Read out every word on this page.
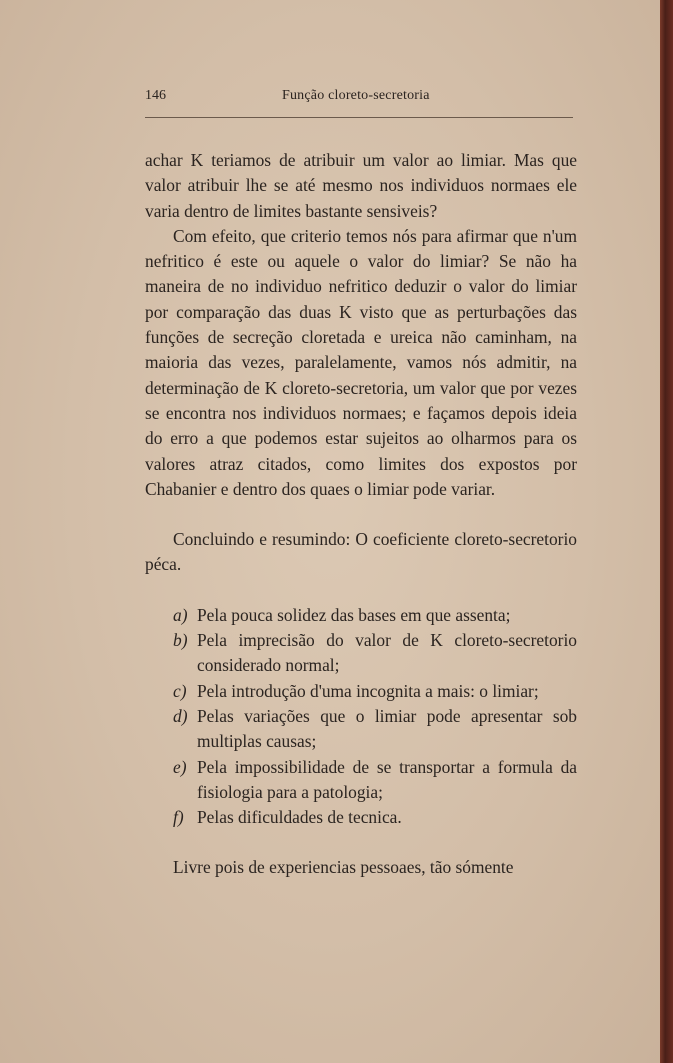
146	Função cloreto-secretoria

achar K teriamos de atribuir um valor ao limiar. Mas que valor atribuir lhe se até mesmo nos individuos normaes ele varia dentro de limites bastante sensiveis?

Com efeito, que criterio temos nós para afirmar que n'um nefritico é este ou aquele o valor do limiar? Se não ha maneira de no individuo nefritico deduzir o valor do limiar por comparação das duas K visto que as perturbações das funções de secreção cloretada e ureica não caminham, na maioria das vezes, paralelamente, vamos nós admitir, na determinação de K cloreto-secretoria, um valor que por vezes se encontra nos individuos normaes; e façamos depois ideia do erro a que podemos estar sujeitos ao olharmos para os valores atraz citados, como limites dos expostos por Chabanier e dentro dos quaes o limiar pode variar.

Concluindo e resumindo: O coeficiente cloreto-secretorio péca.

a) Pela pouca solidez das bases em que assenta;
b) Pela imprecisão do valor de K cloreto-secretorio considerado normal;
c) Pela introdução d'uma incognita a mais: o limiar;
d) Pelas variações que o limiar pode apresentar sob multiplas causas;
e) Pela impossibilidade de se transportar a formula da fisiologia para a patologia;
f) Pelas dificuldades de tecnica.

Livre pois de experiencias pessoaes, tão sómente
